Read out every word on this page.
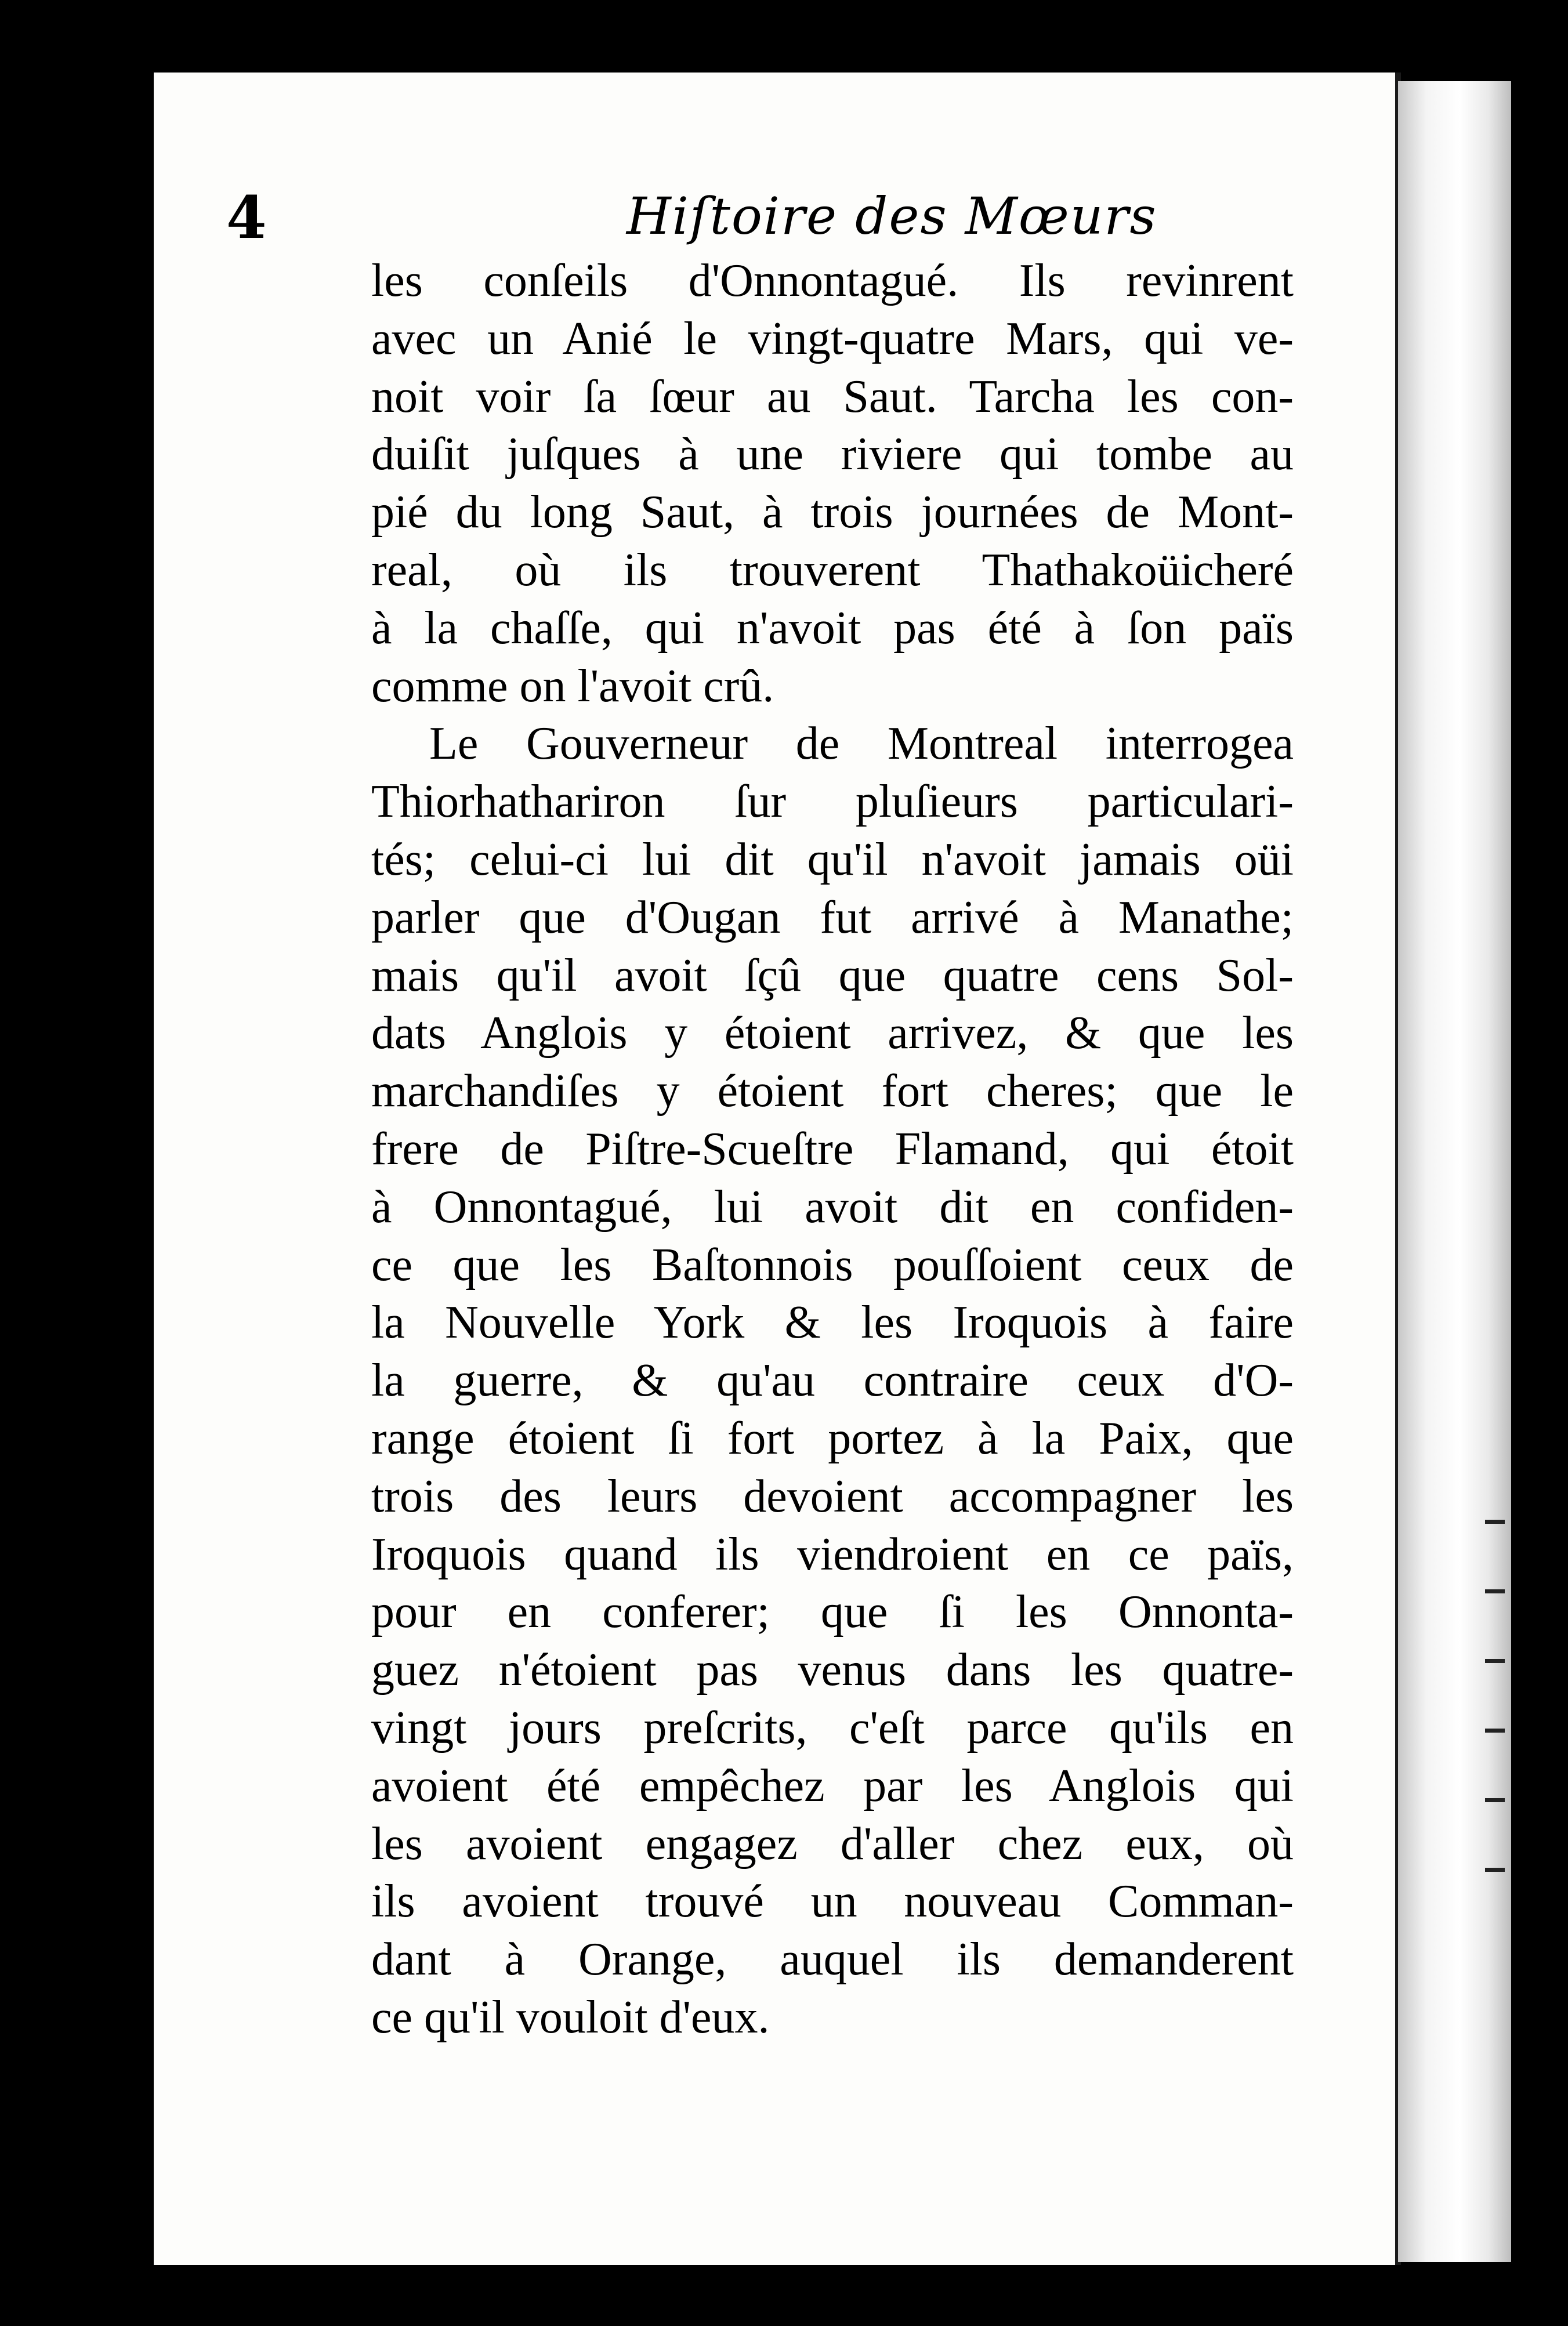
4	Hiſtoire des Mœurs
les conſeils d'Onnontagué. Ils revinrent
avec un Anié le vingt-quatre Mars, qui ve-
noit voir ſa ſœur au Saut. Tarcha les con-
duiſit juſques à une riviere qui tombe au
pié du long Saut, à trois journées de Mont-
real, où ils trouverent Thathakoüicheré
à la chaſſe, qui n'avoit pas été à ſon païs
comme on l'avoit crû.
Le Gouverneur de Montreal interrogea
Thiorhathariron ſur pluſieurs particulari-
tés; celui-ci lui dit qu'il n'avoit jamais oüi
parler que d'Ougan fut arrivé à Manathe;
mais qu'il avoit ſçû que quatre cens Sol-
dats Anglois y étoient arrivez, & que les
marchandiſes y étoient fort cheres; que le
frere de Piſtre-Scueſtre Flamand, qui étoit
à Onnontagué, lui avoit dit en confiden-
ce que les Baſtonnois pouſſoient ceux de
la Nouvelle York & les Iroquois à faire
la guerre, & qu'au contraire ceux d'O-
range étoient ſi fort portez à la Paix, que
trois des leurs devoient accompagner les
Iroquois quand ils viendroient en ce païs,
pour en conferer; que ſi les Onnonta-
guez n'étoient pas venus dans les quatre-
vingt jours preſcrits, c'eſt parce qu'ils en
avoient été empêchez par les Anglois qui
les avoient engagez d'aller chez eux, où
ils avoient trouvé un nouveau Comman-
dant à Orange, auquel ils demanderent
ce qu'il vouloit d'eux.
